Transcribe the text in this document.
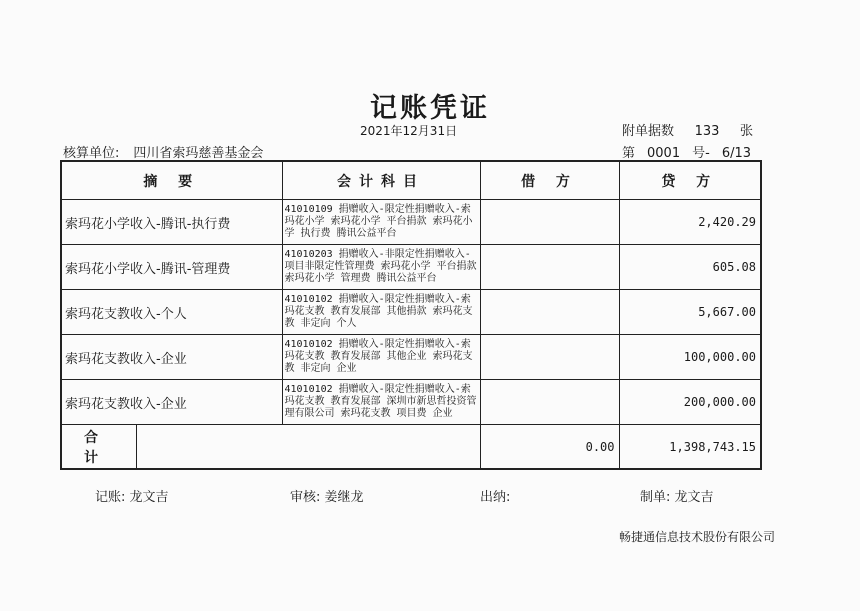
记账凭证
2021年12月31日	附单据数 133 张
核算单位: 四川省索玛慈善基金会	第 0001 号- 6/13
摘 要	会计科目	借 方	贷 方
索玛花小学收入-腾讯-执行费	41010109 捐赠收入-限定性捐赠收入-索玛花小学 索玛花小学 平台捐款 索玛花小学 执行费 腾讯公益平台		2,420.29
索玛花小学收入-腾讯-管理费	41010203 捐赠收入-非限定性捐赠收入-项目非限定性管理费 索玛花小学 平台捐款 索玛花小学 管理费 腾讯公益平台		605.08
索玛花支教收入-个人	41010102 捐赠收入-限定性捐赠收入-索玛花支教 教育发展部 其他捐款 索玛花支教 非定向 个人		5,667.00
索玛花支教收入-企业	41010102 捐赠收入-限定性捐赠收入-索玛花支教 教育发展部 其他企业 索玛花支教 非定向 企业		100,000.00
索玛花支教收入-企业	41010102 捐赠收入-限定性捐赠收入-索玛花支教 教育发展部 深圳市新思哲投资管理有限公司 索玛花支教 项目费 企业		200,000.00

合 计		0.00	1,398,743.15
记账: 龙文吉	审核: 姜继龙	出纳:	制单: 龙文吉
畅捷通信息技术股份有限公司
